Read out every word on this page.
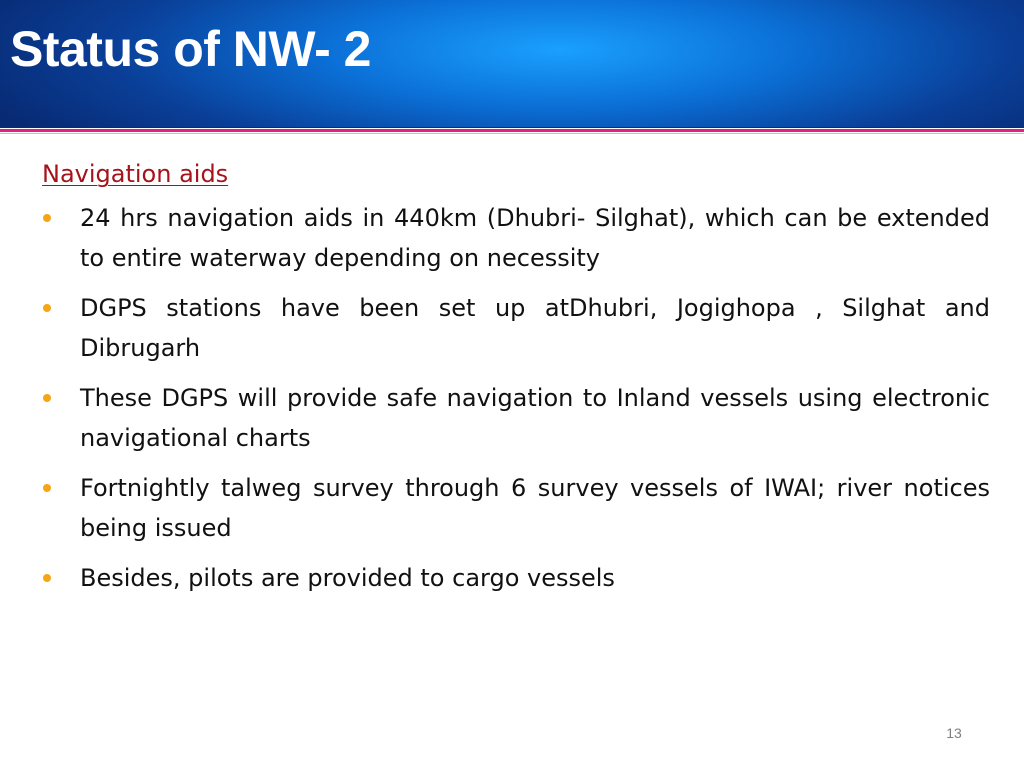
Status of NW- 2
Navigation aids
24 hrs navigation aids in 440km (Dhubri- Silghat), which can be extended to entire waterway depending on necessity
DGPS stations have been set up atDhubri, Jogighopa , Silghat and Dibrugarh
These DGPS will provide safe navigation to Inland vessels using electronic navigational charts
Fortnightly talweg survey through 6 survey vessels of IWAI; river notices being issued
Besides, pilots are provided to cargo vessels
13
